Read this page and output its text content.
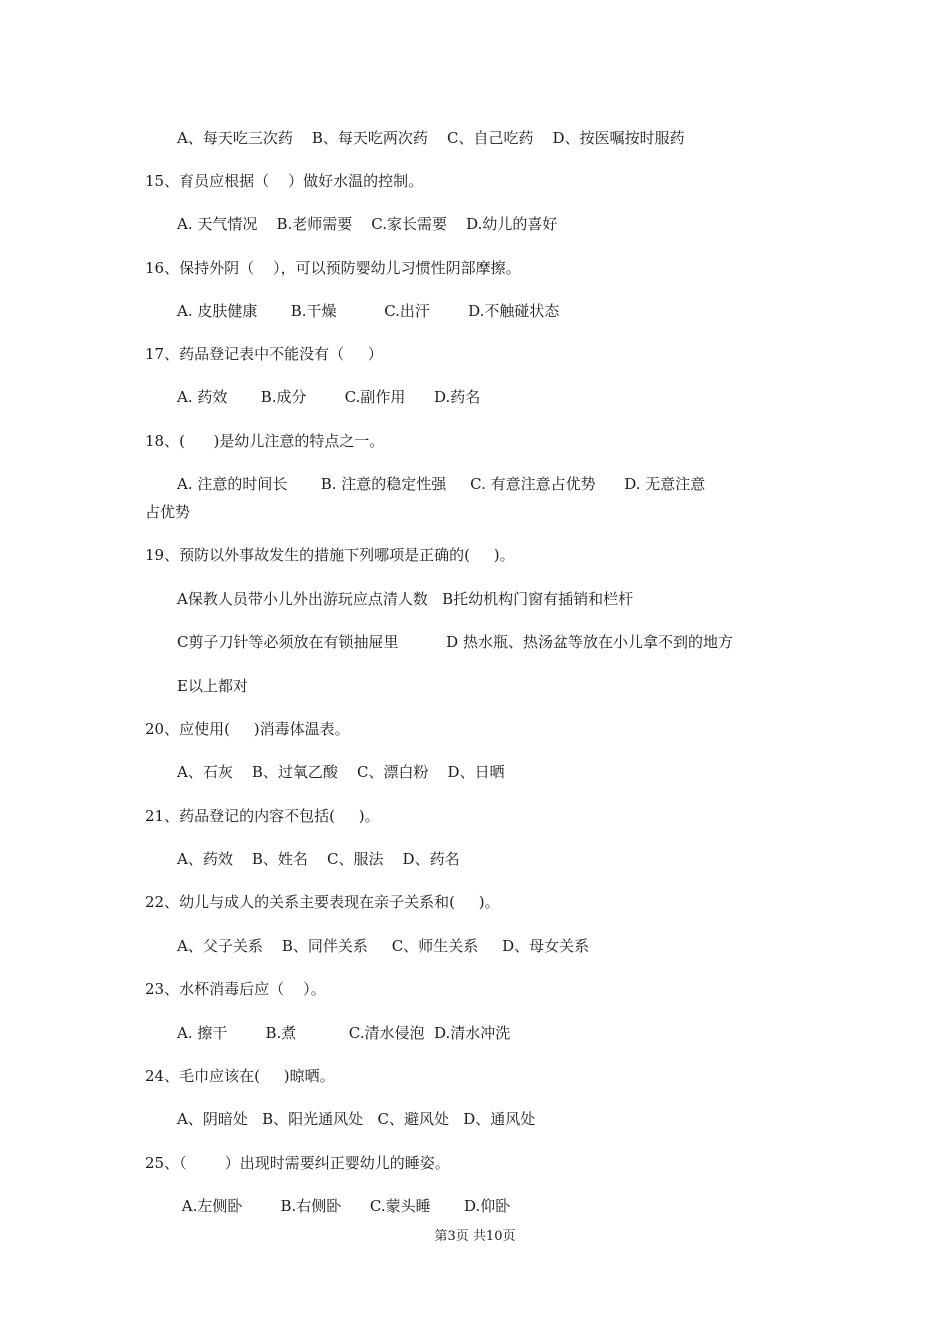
A、每天吃三次药    B、每天吃两次药    C、自己吃药    D、按医嘱按时服药
15、育员应根据（    ）做好水温的控制。
A. 天气情况    B.老师需要    C.家长需要    D.幼儿的喜好
16、保持外阴（    ），可以预防婴幼儿习惯性阴部摩擦。
A. 皮肤健康       B.干燥          C.出汗        D.不触碰状态
17、药品登记表中不能没有（     ）
A. 药效       B.成分        C.副作用      D.药名
18、(      )是幼儿注意的特点之一。
A. 注意的时间长       B. 注意的稳定性强     C. 有意注意占优势      D. 无意注意
占优势
19、预防以外事故发生的措施下列哪项是正确的(     )。
A保教人员带小儿外出游玩应点清人数   B托幼机构门窗有插销和栏杆
C剪子刀针等必须放在有锁抽屉里          D 热水瓶、热汤盆等放在小儿拿不到的地方
E以上都对
20、应使用(     )消毒体温表。
A、石灰    B、过氧乙酸    C、漂白粉    D、日晒
21、药品登记的内容不包括(     )。
A、药效    B、姓名    C、服法    D、药名
22、幼儿与成人的关系主要表现在亲子关系和(     )。
A、父子关系    B、同伴关系     C、师生关系     D、母女关系
23、水杯消毒后应（    ）。
A. 擦干        B.煮           C.清水侵泡  D.清水冲洗
24、毛巾应该在(     )晾晒。
A、阴暗处   B、阳光通风处   C、避风处   D、通风处
25、（        ）出现时需要纠正婴幼儿的睡姿。
A.左侧卧        B.右侧卧      C.蒙头睡       D.仰卧
第3页 共10页
